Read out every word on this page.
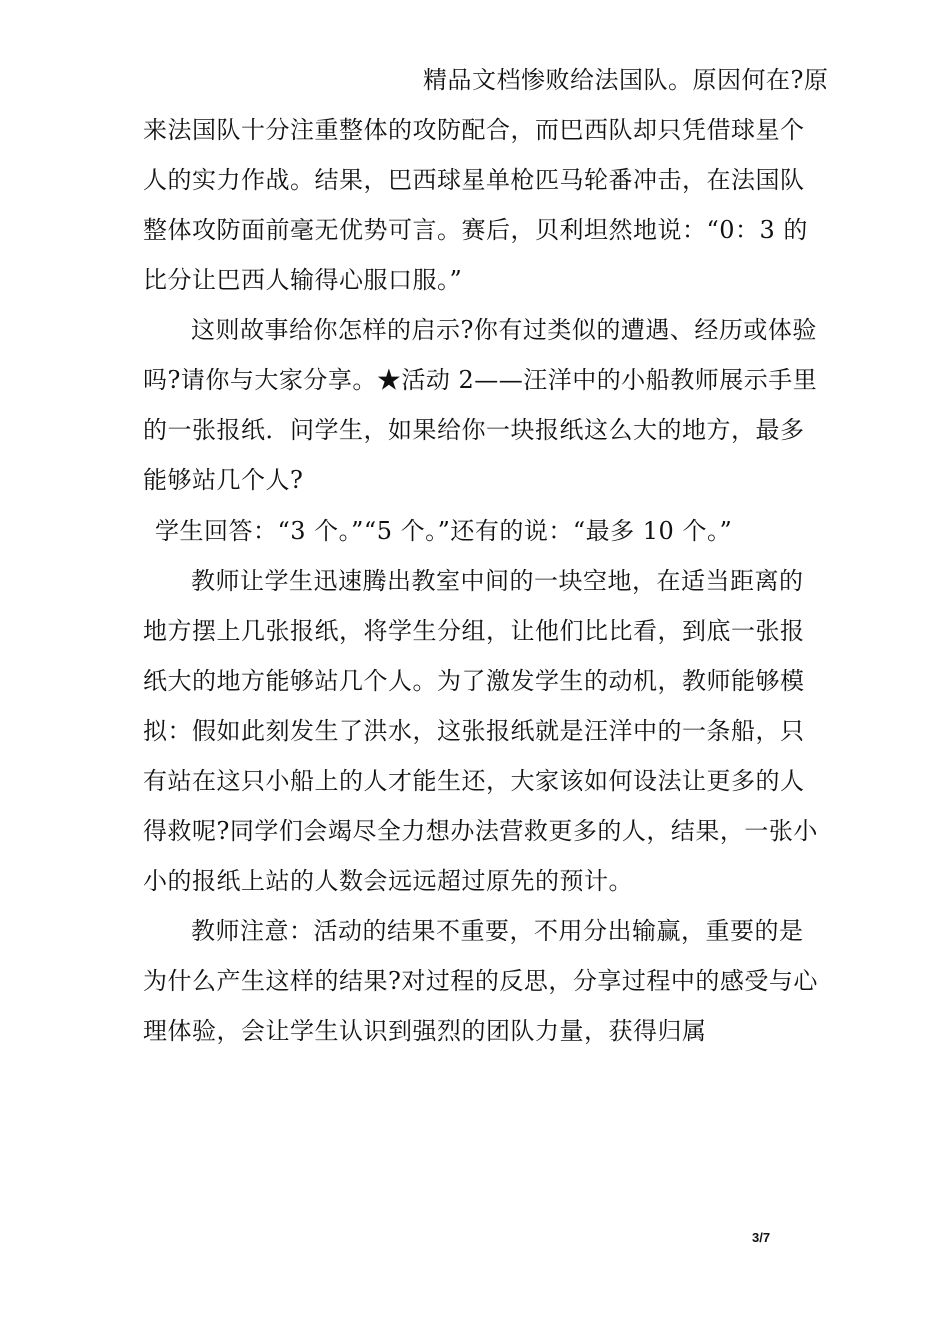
精品文档惨败给法国队。原因何在?原
来法国队十分注重整体的攻防配合，而巴西队却只凭借球星个
人的实力作战。结果，巴西球星单枪匹马轮番冲击，在法国队
整体攻防面前毫无优势可言。赛后，贝利坦然地说：“0：3 的
比分让巴西人输得心服口服。”
这则故事给你怎样的启示?你有过类似的遭遇、经历或体验
吗?请你与大家分享。★活动 2——汪洋中的小船教师展示手里
的一张报纸．问学生，如果给你一块报纸这么大的地方，最多
能够站几个人?
学生回答：“3 个。”“5 个。”还有的说：“最多 10 个。”
教师让学生迅速腾出教室中间的一块空地，在适当距离的
地方摆上几张报纸，将学生分组，让他们比比看，到底一张报
纸大的地方能够站几个人。为了激发学生的动机，教师能够模
拟：假如此刻发生了洪水，这张报纸就是汪洋中的一条船，只
有站在这只小船上的人才能生还，大家该如何设法让更多的人
得救呢?同学们会竭尽全力想办法营救更多的人，结果，一张小
小的报纸上站的人数会远远超过原先的预计。
教师注意：活动的结果不重要，不用分出输赢，重要的是
为什么产生这样的结果?对过程的反思，分享过程中的感受与心
理体验，会让学生认识到强烈的团队力量，获得归属
3/7
